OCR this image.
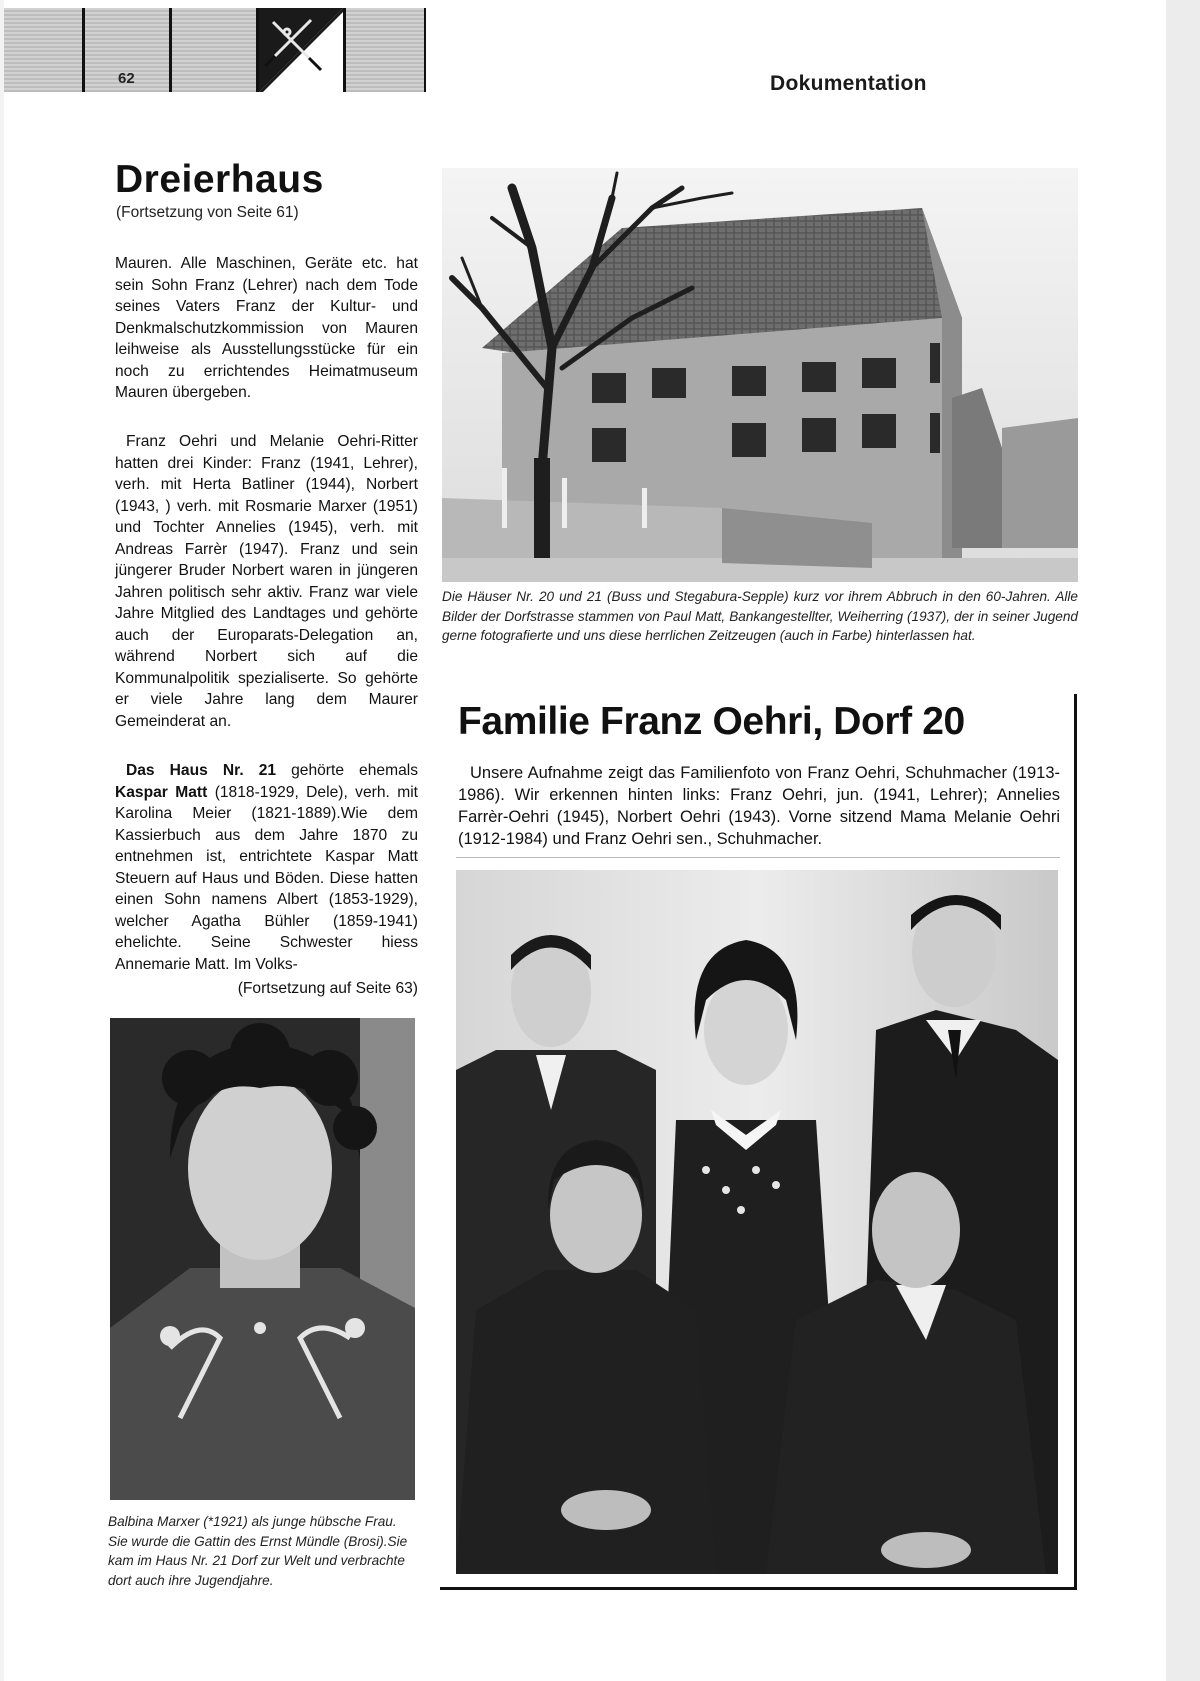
62	Dokumentation
Dreierhaus
(Fortsetzung von Seite 61)

Mauren. Alle Maschinen, Geräte etc. hat sein Sohn Franz (Lehrer) nach dem Tode seines Vaters Franz der Kultur- und Denkmalschutzkommission von Mauren leihweise als Ausstellungsstücke für ein noch zu errichtendes Heimatmuseum Mauren übergeben.

Franz Oehri und Melanie Oehri-Ritter hatten drei Kinder: Franz (1941, Lehrer), verh. mit Herta Batliner (1944), Norbert (1943, ) verh. mit Rosmarie Marxer (1951) und Tochter Annelies (1945), verh. mit Andreas Farrèr (1947). Franz und sein jüngerer Bruder Norbert waren in jüngeren Jahren politisch sehr aktiv. Franz war viele Jahre Mitglied des Landtages und gehörte auch der Europarats-Delegation an, während Norbert sich auf die Kommunalpolitik spezialiserte. So gehörte er viele Jahre lang dem Maurer Gemeinderat an.

Das Haus Nr. 21 gehörte ehemals Kaspar Matt (1818-1929, Dele), verh. mit Karolina Meier (1821-1889).Wie dem Kassierbuch aus dem Jahre 1870 zu entnehmen ist, entrichtete Kaspar Matt Steuern auf Haus und Böden. Diese hatten einen Sohn namens Albert (1853-1929), welcher Agatha Bühler (1859-1941) ehelichte. Seine Schwester hiess Annemarie Matt. Im Volks-

(Fortsetzung auf Seite 63)
Die Häuser Nr. 20 und 21 (Buss und Stegabura-Sepple) kurz vor ihrem Abbruch in den 60-Jahren. Alle Bilder der Dorfstrasse stammen von Paul Matt, Bankangestellter, Weiherring (1937), der in seiner Jugend gerne fotografierte und uns diese herrlichen Zeitzeugen (auch in Farbe) hinterlassen hat.
Familie Franz Oehri, Dorf 20

Unsere Aufnahme zeigt das Familienfoto von Franz Oehri, Schuhmacher (1913-1986). Wir erkennen hinten links: Franz Oehri, jun. (1941, Lehrer); Annelies Farrèr-Oehri (1945), Norbert Oehri (1943). Vorne sitzend Mama Melanie Oehri (1912-1984) und Franz Oehri sen., Schuhmacher.

Balbina Marxer (*1921) als junge hübsche Frau. Sie wurde die Gattin des Ernst Mündle (Brosi).Sie kam im Haus Nr. 21 Dorf zur Welt und verbrachte dort auch ihre Jugendjahre.
